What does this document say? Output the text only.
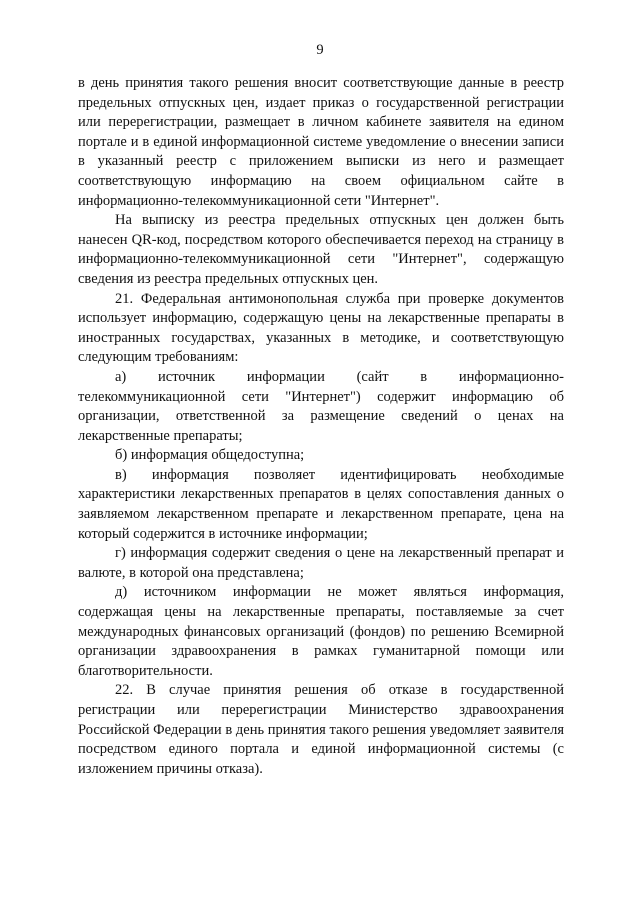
9

в день принятия такого решения вносит соответствующие данные в реестр предельных отпускных цен, издает приказ о государственной регистрации или перерегистрации, размещает в личном кабинете заявителя на едином портале и в единой информационной системе уведомление о внесении записи в указанный реестр с приложением выписки из него и размещает соответствующую информацию на своем официальном сайте в информационно-телекоммуникационной сети "Интернет".

На выписку из реестра предельных отпускных цен должен быть нанесен QR-код, посредством которого обеспечивается переход на страницу в информационно-телекоммуникационной сети "Интернет", содержащую сведения из реестра предельных отпускных цен.

21. Федеральная антимонопольная служба при проверке документов использует информацию, содержащую цены на лекарственные препараты в иностранных государствах, указанных в методике, и соответствующую следующим требованиям:

а) источник информации (сайт в информационно-телекоммуникационной сети "Интернет") содержит информацию об организации, ответственной за размещение сведений о ценах на лекарственные препараты;

б) информация общедоступна;

в) информация позволяет идентифицировать необходимые характеристики лекарственных препаратов в целях сопоставления данных о заявляемом лекарственном препарате и лекарственном препарате, цена на который содержится в источнике информации;

г) информация содержит сведения о цене на лекарственный препарат и валюте, в которой она представлена;

д) источником информации не может являться информация, содержащая цены на лекарственные препараты, поставляемые за счет международных финансовых организаций (фондов) по решению Всемирной организации здравоохранения в рамках гуманитарной помощи или благотворительности.

22. В случае принятия решения об отказе в государственной регистрации или перерегистрации Министерство здравоохранения Российской Федерации в день принятия такого решения уведомляет заявителя посредством единого портала и единой информационной системы (с изложением причины отказа).
